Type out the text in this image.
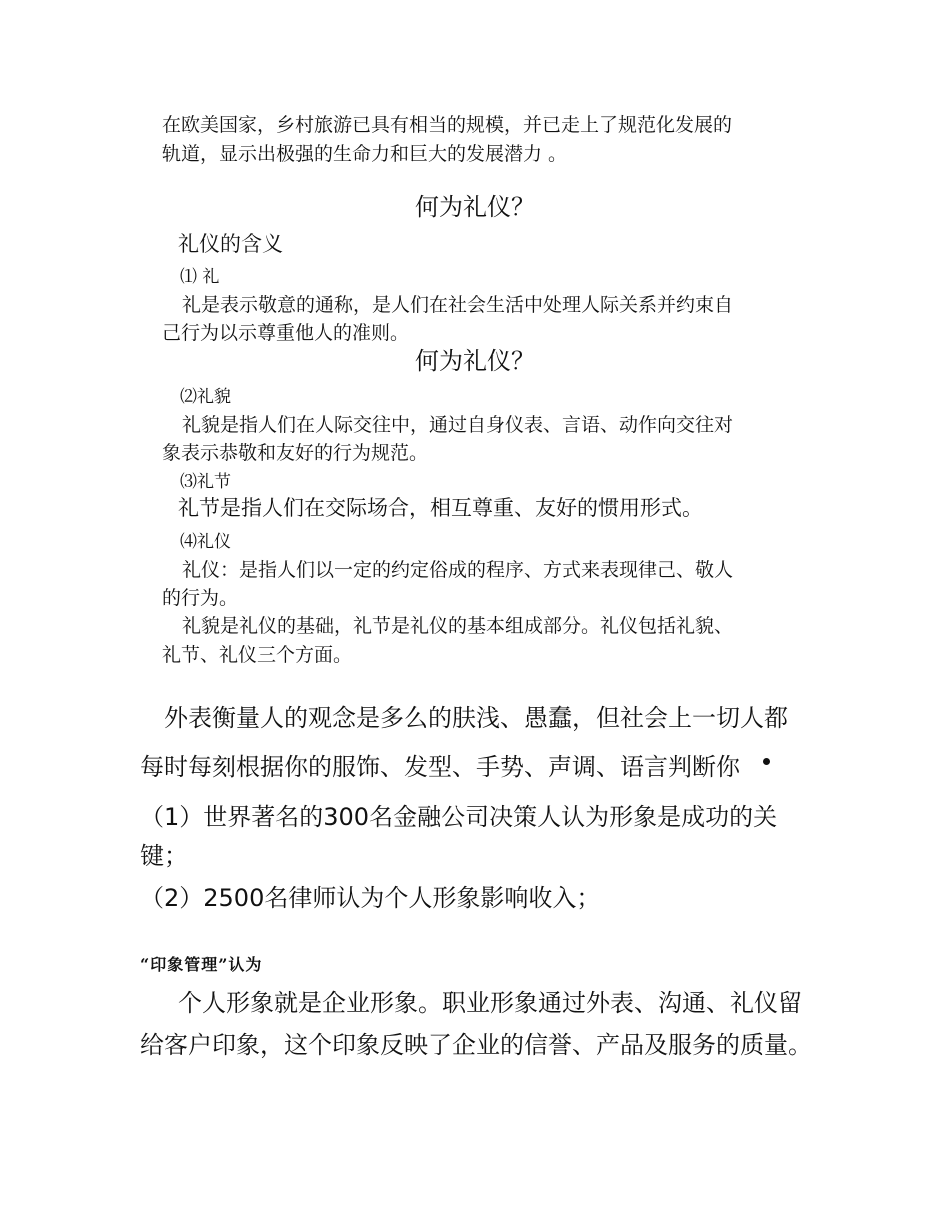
在欧美国家，乡村旅游已具有相当的规模，并已走上了规范化发展的

轨道，显示出极强的生命力和巨大的发展潜力 。

何为礼仪？

礼仪的含义

⑴ 礼

礼是表示敬意的通称，是人们在社会生活中处理人际关系并约束自

己行为以示尊重他人的准则。

何为礼仪？

⑵礼貌

礼貌是指人们在人际交往中，通过自身仪表、言语、动作向交往对

象表示恭敬和友好的行为规范。

⑶礼节

礼节是指人们在交际场合，相互尊重、友好的惯用形式。

⑷礼仪

礼仪：是指人们以一定的约定俗成的程序、方式来表现律己、敬人

的行为。

礼貌是礼仪的基础，礼节是礼仪的基本组成部分。礼仪包括礼貌、

礼节、礼仪三个方面。

外表衡量人的观念是多么的肤浅、愚蠢，但社会上一切人都

每时每刻根据你的服饰、发型、手势、声调、语言判断你

（1）世界著名的300名金融公司决策人认为形象是成功的关

键；

（2）2500名律师认为个人形象影响收入；

“印象管理”认为

个人形象就是企业形象。职业形象通过外表、沟通、礼仪留

给客户印象，这个印象反映了企业的信誉、产品及服务的质量。
